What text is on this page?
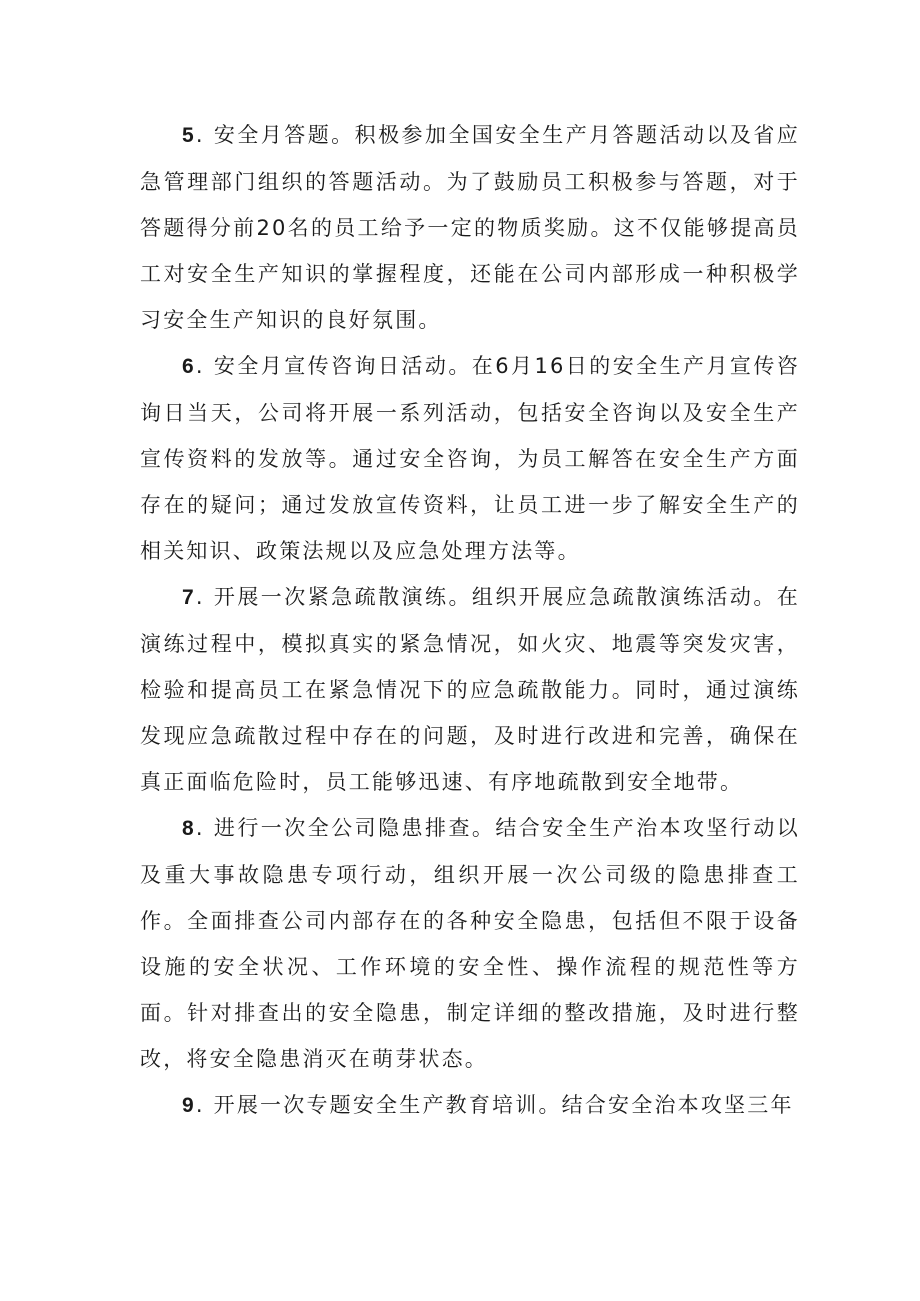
5. 安全月答题。积极参加全国安全生产月答题活动以及省应急管理部门组织的答题活动。为了鼓励员工积极参与答题，对于答题得分前20名的员工给予一定的物质奖励。这不仅能够提高员工对安全生产知识的掌握程度，还能在公司内部形成一种积极学习安全生产知识的良好氛围。

6. 安全月宣传咨询日活动。在6月16日的安全生产月宣传咨询日当天，公司将开展一系列活动，包括安全咨询以及安全生产宣传资料的发放等。通过安全咨询，为员工解答在安全生产方面存在的疑问；通过发放宣传资料，让员工进一步了解安全生产的相关知识、政策法规以及应急处理方法等。

7. 开展一次紧急疏散演练。组织开展应急疏散演练活动。在演练过程中，模拟真实的紧急情况，如火灾、地震等突发灾害，检验和提高员工在紧急情况下的应急疏散能力。同时，通过演练发现应急疏散过程中存在的问题，及时进行改进和完善，确保在真正面临危险时，员工能够迅速、有序地疏散到安全地带。

8. 进行一次全公司隐患排查。结合安全生产治本攻坚行动以及重大事故隐患专项行动，组织开展一次公司级的隐患排查工作。全面排查公司内部存在的各种安全隐患，包括但不限于设备设施的安全状况、工作环境的安全性、操作流程的规范性等方面。针对排查出的安全隐患，制定详细的整改措施，及时进行整改，将安全隐患消灭在萌芽状态。

9. 开展一次专题安全生产教育培训。结合安全治本攻坚三年
